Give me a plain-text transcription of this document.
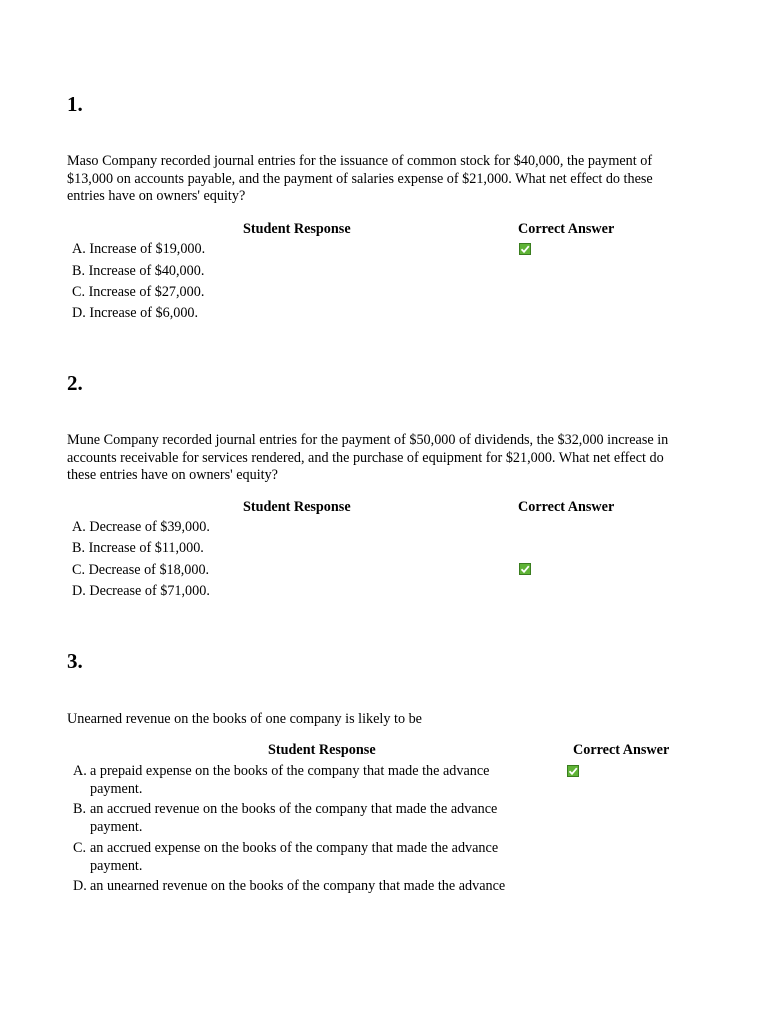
1.

Maso Company recorded journal entries for the issuance of common stock for $40,000, the payment of $13,000 on accounts payable, and the payment of salaries expense of $21,000. What net effect do these entries have on owners' equity?

Student Response	Correct Answer
A. Increase of $19,000.
B. Increase of $40,000.
C. Increase of $27,000.
D. Increase of $6,000.
2.

Mune Company recorded journal entries for the payment of $50,000 of dividends, the $32,000 increase in accounts receivable for services rendered, and the purchase of equipment for $21,000. What net effect do these entries have on owners' equity?

Student Response	Correct Answer
A. Decrease of $39,000.
B. Increase of $11,000.
C. Decrease of $18,000.
D. Decrease of $71,000.
3.

Unearned revenue on the books of one company is likely to be

Student Response	Correct Answer
A. a prepaid expense on the books of the company that made the advance
payment.
B. an accrued revenue on the books of the company that made the advance
payment.
C. an accrued expense on the books of the company that made the advance
payment.
D. an unearned revenue on the books of the company that made the advance
